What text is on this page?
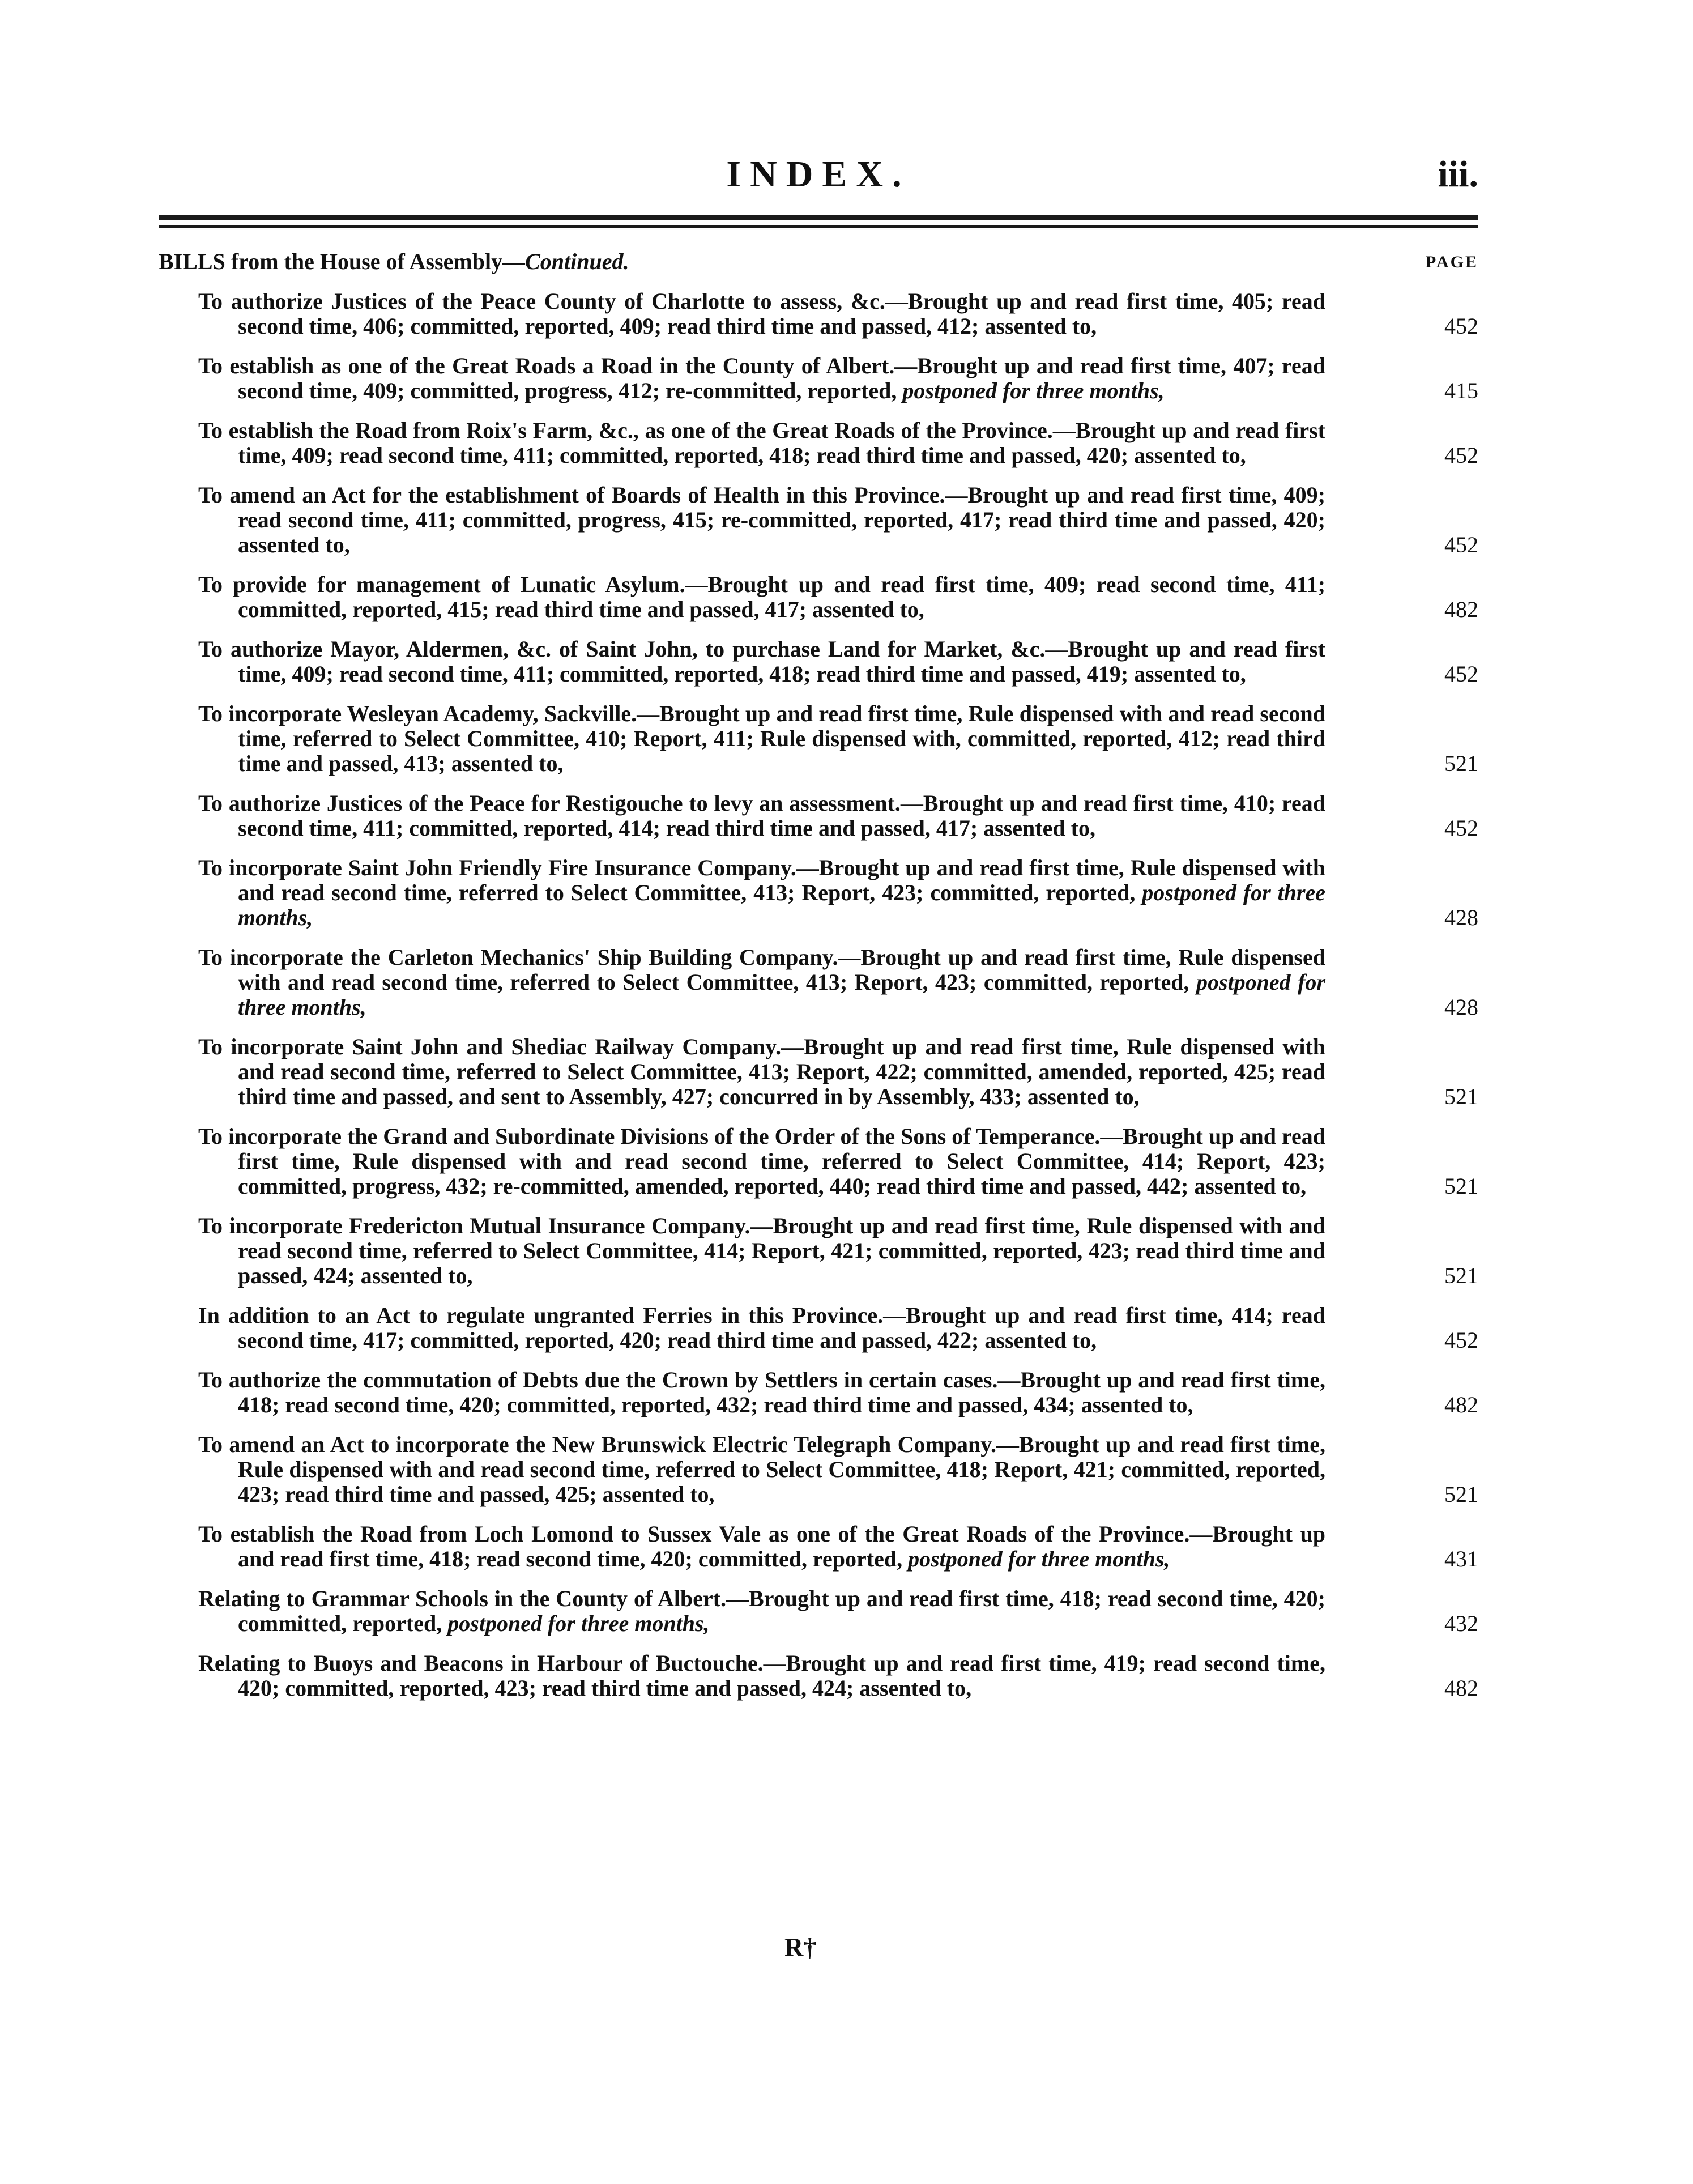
INDEX.	iii.
BILLS from the House of Assembly—Continued.	PAGE
To authorize Justices of the Peace County of Charlotte to assess, &c.—Brought up and read first time, 405; read second time, 406; committed, reported, 409; read third time and passed, 412; assented to,	452
To establish as one of the Great Roads a Road in the County of Albert.—Brought up and read first time, 407; read second time, 409; committed, progress, 412; re-committed, reported, postponed for three months,	415
To establish the Road from Roix's Farm, &c., as one of the Great Roads of the Province.—Brought up and read first time, 409; read second time, 411; committed, reported, 418; read third time and passed, 420; assented to,	452
To amend an Act for the establishment of Boards of Health in this Province.—Brought up and read first time, 409; read second time, 411; committed, progress, 415; re-committed, reported, 417; read third time and passed, 420; assented to,	452
To provide for management of Lunatic Asylum.—Brought up and read first time, 409; read second time, 411; committed, reported, 415; read third time and passed, 417; assented to,	482
To authorize Mayor, Aldermen, &c. of Saint John, to purchase Land for Market, &c.—Brought up and read first time, 409; read second time, 411; committed, reported, 418; read third time and passed, 419; assented to,	452
To incorporate Wesleyan Academy, Sackville.—Brought up and read first time, Rule dispensed with and read second time, referred to Select Committee, 410; Report, 411; Rule dispensed with, committed, reported, 412; read third time and passed, 413; assented to,	521
To authorize Justices of the Peace for Restigouche to levy an assessment.—Brought up and read first time, 410; read second time, 411; committed, reported, 414; read third time and passed, 417; assented to,	452
To incorporate Saint John Friendly Fire Insurance Company.—Brought up and read first time, Rule dispensed with and read second time, referred to Select Committee, 413; Report, 423; committed, reported, postponed for three months,	428
To incorporate the Carleton Mechanics' Ship Building Company.—Brought up and read first time, Rule dispensed with and read second time, referred to Select Committee, 413; Report, 423; committed, reported, postponed for three months,	428
To incorporate Saint John and Shediac Railway Company.—Brought up and read first time, Rule dispensed with and read second time, referred to Select Committee, 413; Report, 422; committed, amended, reported, 425; read third time and passed, and sent to Assembly, 427; concurred in by Assembly, 433; assented to,	521
To incorporate the Grand and Subordinate Divisions of the Order of the Sons of Temperance.—Brought up and read first time, Rule dispensed with and read second time, referred to Select Committee, 414; Report, 423; committed, progress, 432; re-committed, amended, reported, 440; read third time and passed, 442; assented to,	521
To incorporate Fredericton Mutual Insurance Company.—Brought up and read first time, Rule dispensed with and read second time, referred to Select Committee, 414; Report, 421; committed, reported, 423; read third time and passed, 424; assented to,	521
In addition to an Act to regulate ungranted Ferries in this Province.—Brought up and read first time, 414; read second time, 417; committed, reported, 420; read third time and passed, 422; assented to,	452
To authorize the commutation of Debts due the Crown by Settlers in certain cases.—Brought up and read first time, 418; read second time, 420; committed, reported, 432; read third time and passed, 434; assented to,	482
To amend an Act to incorporate the New Brunswick Electric Telegraph Company.—Brought up and read first time, Rule dispensed with and read second time, referred to Select Committee, 418; Report, 421; committed, reported, 423; read third time and passed, 425; assented to,	521
To establish the Road from Loch Lomond to Sussex Vale as one of the Great Roads of the Province.—Brought up and read first time, 418; read second time, 420; committed, reported, postponed for three months,	431
Relating to Grammar Schools in the County of Albert.—Brought up and read first time, 418; read second time, 420; committed, reported, postponed for three months,	432
Relating to Buoys and Beacons in Harbour of Buctouche.—Brought up and read first time, 419; read second time, 420; committed, reported, 423; read third time and passed, 424; assented to,	482
R†
